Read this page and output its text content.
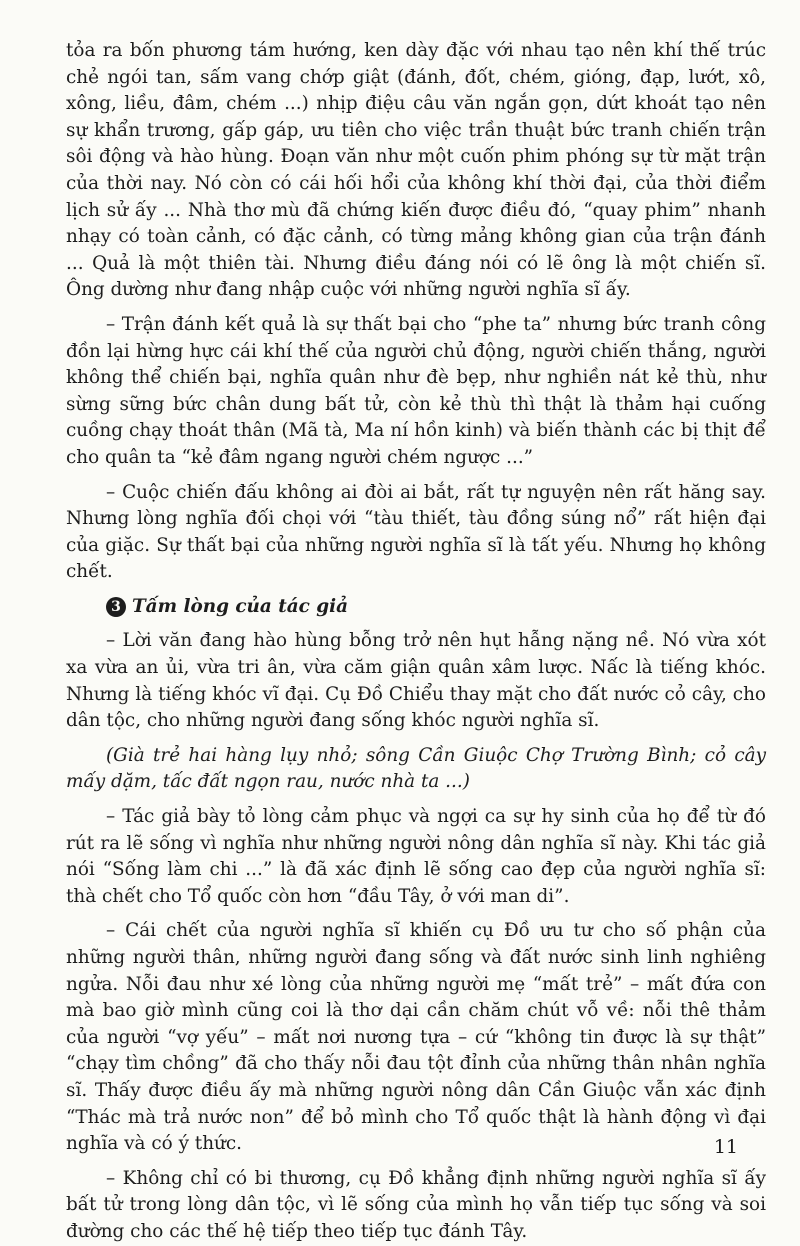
tỏa ra bốn phương tám hướng, ken dày đặc với nhau tạo nên khí thế trúc chẻ ngói tan, sấm vang chớp giật (đánh, đốt, chém, gióng, đạp, lướt, xô, xông, liều, đâm, chém ...) nhịp điệu câu văn ngắn gọn, dứt khoát tạo nên sự khẩn trương, gấp gáp, ưu tiên cho việc trần thuật bức tranh chiến trận sôi động và hào hùng. Đoạn văn như một cuốn phim phóng sự từ mặt trận của thời nay. Nó còn có cái hối hổi của không khí thời đại, của thời điểm lịch sử ấy ... Nhà thơ mù đã chứng kiến được điều đó, “quay phim” nhanh nhạy có toàn cảnh, có đặc cảnh, có từng mảng không gian của trận đánh ... Quả là một thiên tài. Nhưng điều đáng nói có lẽ ông là một chiến sĩ. Ông dường như đang nhập cuộc với những người nghĩa sĩ ấy.

– Trận đánh kết quả là sự thất bại cho “phe ta” nhưng bức tranh công đồn lại hừng hực cái khí thế của người chủ động, người chiến thắng, người không thể chiến bại, nghĩa quân như đè bẹp, như nghiền nát kẻ thù, như sừng sững bức chân dung bất tử, còn kẻ thù thì thật là thảm hại cuống cuồng chạy thoát thân (Mã tà, Ma ní hồn kinh) và biến thành các bị thịt để cho quân ta “kẻ đâm ngang người chém ngược ...”

– Cuộc chiến đấu không ai đòi ai bắt, rất tự nguyện nên rất hăng say. Nhưng lòng nghĩa đối chọi với “tàu thiết, tàu đồng súng nổ” rất hiện đại của giặc. Sự thất bại của những người nghĩa sĩ là tất yếu. Nhưng họ không chết.

3 Tấm lòng của tác giả

– Lời văn đang hào hùng bỗng trở nên hụt hẫng nặng nề. Nó vừa xót xa vừa an ủi, vừa tri ân, vừa căm giận quân xâm lược. Nấc là tiếng khóc. Nhưng là tiếng khóc vĩ đại. Cụ Đồ Chiểu thay mặt cho đất nước cỏ cây, cho dân tộc, cho những người đang sống khóc người nghĩa sĩ.

(Già trẻ hai hàng lụy nhỏ; sông Cần Giuộc Chợ Trường Bình; cỏ cây mấy dặm, tấc đất ngọn rau, nước nhà ta ...)

– Tác giả bày tỏ lòng cảm phục và ngợi ca sự hy sinh của họ để từ đó rút ra lẽ sống vì nghĩa như những người nông dân nghĩa sĩ này. Khi tác giả nói “Sống làm chi ...” là đã xác định lẽ sống cao đẹp của người nghĩa sĩ: thà chết cho Tổ quốc còn hơn “đầu Tây, ở với man di”.

– Cái chết của người nghĩa sĩ khiến cụ Đồ ưu tư cho số phận của những người thân, những người đang sống và đất nước sinh linh nghiêng ngửa. Nỗi đau như xé lòng của những người mẹ “mất trẻ” – mất đứa con mà bao giờ mình cũng coi là thơ dại cần chăm chút vỗ về: nỗi thê thảm của người “vợ yếu” – mất nơi nương tựa – cứ “không tin được là sự thật” “chạy tìm chồng” đã cho thấy nỗi đau tột đỉnh của những thân nhân nghĩa sĩ. Thấy được điều ấy mà những người nông dân Cần Giuộc vẫn xác định “Thác mà trả nước non” để bỏ mình cho Tổ quốc thật là hành động vì đại nghĩa và có ý thức.

– Không chỉ có bi thương, cụ Đồ khẳng định những người nghĩa sĩ ấy bất tử trong lòng dân tộc, vì lẽ sống của mình họ vẫn tiếp tục sống và soi đường cho các thế hệ tiếp theo tiếp tục đánh Tây.

11
